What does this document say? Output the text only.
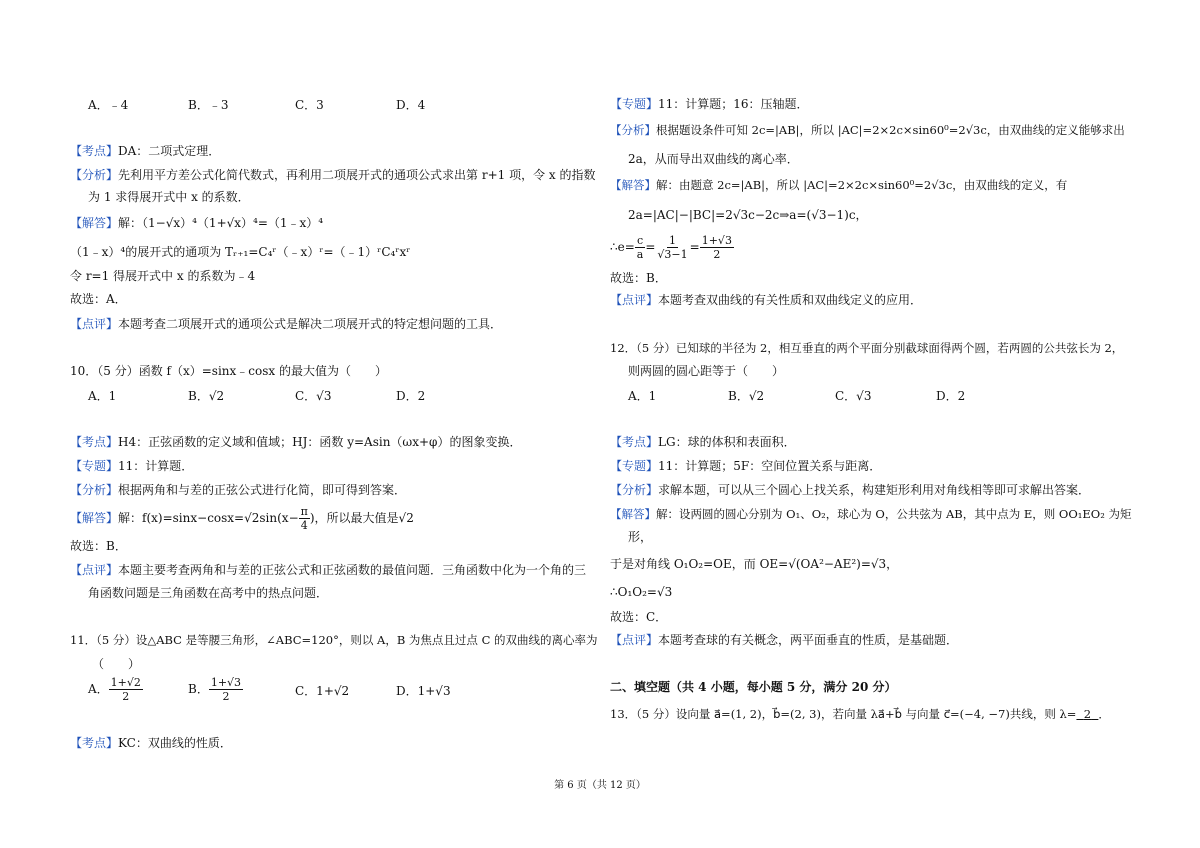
A．﹣4	B．﹣3	C．3	D．4
【考点】DA：二项式定理．
【分析】先利用平方差公式化简代数式，再利用二项展开式的通项公式求出第 r+1 项，令 x 的指数
为 1 求得展开式中 x 的系数．
【解答】解：（1−√x）⁴（1+√x）⁴=（1﹣x）⁴
（1﹣x）⁴的展开式的通项为 Tᵣ₊₁=C₄ʳ（﹣x）ʳ=（﹣1）ʳC₄ʳxʳ
令 r=1 得展开式中 x 的系数为﹣4
故选：A．
【点评】本题考查二项展开式的通项公式是解决二项展开式的特定想问题的工具．
10．（5 分）函数 f（x）=sinx﹣cosx 的最大值为（　　）
A．1	B．√2	C．√3	D．2
【考点】H4：正弦函数的定义域和值域；HJ：函数 y=Asin（ωx+φ）的图象变换．
【专题】11：计算题．
【分析】根据两角和与差的正弦公式进行化简，即可得到答案．
【解答】解：$f(x)=\sin x-\cos x=√2\sin(x- \frac{\pi}{4}$ )，所以最大值是√2
故选：B．
【点评】本题主要考查两角和与差的正弦公式和正弦函数的最值问题．三角函数中化为一个角的三
角函数问题是三角函数在高考中的热点问题．
11．（5 分）设△ABC 是等腰三角形，∠ABC=120°，则以 A，B 为焦点且过点 C 的双曲线的离心率为
（　　）
A． $\frac{1+√2}{2}$	B． $\frac{1+√3}{2}$	C．1+√2	D．1+√3
【考点】KC：双曲线的性质．
【专题】11：计算题；16：压轴题．
【分析】根据题设条件可知 2c=|AB|，所以 |AC|=2×2c×sin60⁰=2√3c，由双曲线的定义能够求出
2a，从而导出双曲线的离心率．
【解答】解：由题意 2c=|AB|，所以 |AC|=2×2c×sin60⁰=2√3c，由双曲线的定义，有
2a=|AC|−|BC|=2√3c−2c⇒a=(√3−1)c，
∴e= $\frac{c}{a} = \frac{1}{√3-1} = \frac{1+√3}{2}$
故选：B．
【点评】本题考查双曲线的有关性质和双曲线定义的应用．
12．（5 分）已知球的半径为 2，相互垂直的两个平面分别截球面得两个圆，若两圆的公共弦长为 2，
则两圆的圆心距等于（　　）
A．1	B．√2	C．√3	D．2
【考点】LG：球的体积和表面积．
【专题】11：计算题；5F：空间位置关系与距离．
【分析】求解本题，可以从三个圆心上找关系，构建矩形利用对角线相等即可求解出答案．
【解答】解：设两圆的圆心分别为 O₁、O₂，球心为 O，公共弦为 AB，其中点为 E，则 OO₁EO₂ 为矩
形，
于是对角线 O₁O₂=OE，而 OE=√(OA²−AE²)=√3，
∴O₁O₂=√3
故选：C．
【点评】本题考查球的有关概念，两平面垂直的性质，是基础题．
二、填空题（共 4 小题，每小题 5 分，满分 20 分）
13．（5 分）设向量 a⃗=(1, 2)，b⃗=(2, 3)，若向量 λa⃗+b⃗ 与向量 c⃗=(−4, −7)共线，则 λ= 2 ．
第 6 页（共 12 页）
